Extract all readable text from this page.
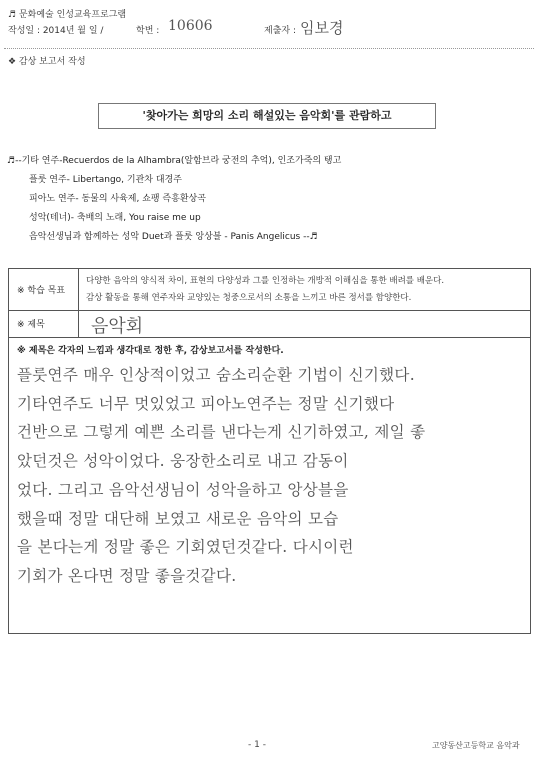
♬ 문화예술 인성교육프로그램
작성일 : 2014년 월 일 /	학번 : 10606	제출자 : 임보경
❖ 감상 보고서 작성
'찾아가는 희망의 소리 해설있는 음악회'를 관람하고
♬--기타 연주-Recuerdos de la Alhambra(알함브라 궁전의 추억), 인조가죽의 탱고
플룻 연주- Libertango, 기관차 대경주
피아노 연주- 동물의 사육제, 쇼팽 즉흥환상곡
성악(테너)- 축배의 노래, You raise me up
음악선생님과 함께하는 성악 Duet과 플룻 앙상블 - Panis Angelicus --♬
※ 학습 목표
다양한 음악의 양식적 차이, 표현의 다양성과 그를 인정하는 개방적 이해심을 통한 배려를 배운다.
감상 활동을 통해 연주자와 교양있는 청중으로서의 소통을 느끼고 바른 정서를 함양한다.
※ 제목	음악회
※ 제목은 각자의 느낌과 생각대로 정한 후, 감상보고서를 작성한다.
플룻연주 매우 인상적이었고 숨소리순환 기법이 신기했다.
기타연주도 너무 멋있었고 피아노연주는 정말 신기했다
건반으로 그렇게 예쁜 소리를 낸다는게 신기하였고, 제일 좋
았던것은 성악이었다. 웅장한소리로 내고 감동이
었다. 그리고 음악선생님이 성악을하고 앙상블을
했을때 정말 대단해 보였고 새로운 음악의 모습
을 본다는게 정말 좋은 기회였던것같다. 다시이런
기회가 온다면 정말 좋을것같다.
- 1 -	고양동산고등학교 음악과
